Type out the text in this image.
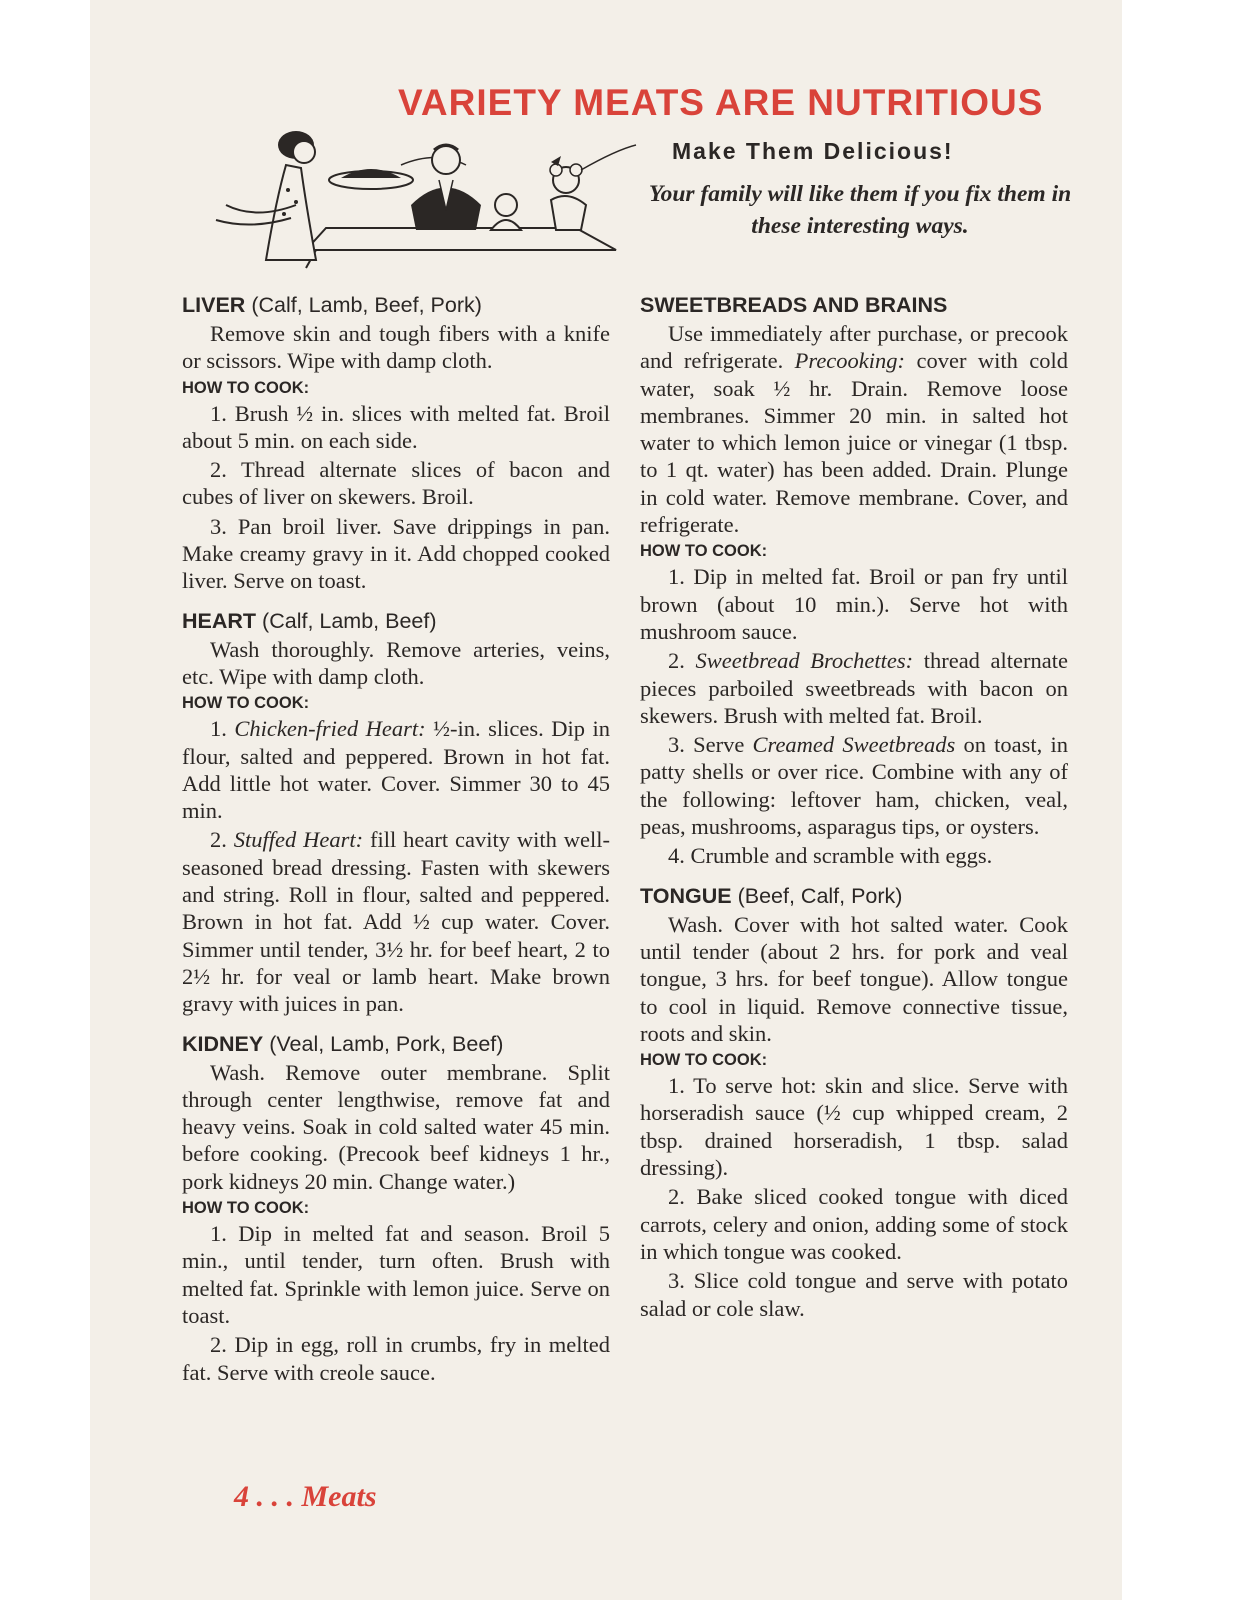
VARIETY MEATS ARE NUTRITIOUS
Make Them Delicious!
Your family will like them if you fix them in these interesting ways.
LIVER (Calf, Lamb, Beef, Pork)

Remove skin and tough fibers with a knife or scissors. Wipe with damp cloth.

HOW TO COOK:

1. Brush ½ in. slices with melted fat. Broil about 5 min. on each side.

2. Thread alternate slices of bacon and cubes of liver on skewers. Broil.

3. Pan broil liver. Save drippings in pan. Make creamy gravy in it. Add chopped cooked liver. Serve on toast.

HEART (Calf, Lamb, Beef)

Wash thoroughly. Remove arteries, veins, etc. Wipe with damp cloth.

HOW TO COOK:

1. Chicken-fried Heart: ½-in. slices. Dip in flour, salted and peppered. Brown in hot fat. Add little hot water. Cover. Simmer 30 to 45 min.

2. Stuffed Heart: fill heart cavity with well-seasoned bread dressing. Fasten with skewers and string. Roll in flour, salted and peppered. Brown in hot fat. Add ½ cup water. Cover. Simmer until tender, 3½ hr. for beef heart, 2 to 2½ hr. for veal or lamb heart. Make brown gravy with juices in pan.

KIDNEY (Veal, Lamb, Pork, Beef)

Wash. Remove outer membrane. Split through center lengthwise, remove fat and heavy veins. Soak in cold salted water 45 min. before cooking. (Precook beef kidneys 1 hr., pork kidneys 20 min. Change water.)

HOW TO COOK:

1. Dip in melted fat and season. Broil 5 min., until tender, turn often. Brush with melted fat. Sprinkle with lemon juice. Serve on toast.

2. Dip in egg, roll in crumbs, fry in melted fat. Serve with creole sauce.

SWEETBREADS AND BRAINS

Use immediately after purchase, or precook and refrigerate. Precooking: cover with cold water, soak ½ hr. Drain. Remove loose membranes. Simmer 20 min. in salted hot water to which lemon juice or vinegar (1 tbsp. to 1 qt. water) has been added. Drain. Plunge in cold water. Remove membrane. Cover, and refrigerate.

HOW TO COOK:

1. Dip in melted fat. Broil or pan fry until brown (about 10 min.). Serve hot with mushroom sauce.

2. Sweetbread Brochettes: thread alternate pieces parboiled sweetbreads with bacon on skewers. Brush with melted fat. Broil.

3. Serve Creamed Sweetbreads on toast, in patty shells or over rice. Combine with any of the following: leftover ham, chicken, veal, peas, mushrooms, asparagus tips, or oysters.

4. Crumble and scramble with eggs.

TONGUE (Beef, Calf, Pork)

Wash. Cover with hot salted water. Cook until tender (about 2 hrs. for pork and veal tongue, 3 hrs. for beef tongue). Allow tongue to cool in liquid. Remove connective tissue, roots and skin.

HOW TO COOK:

1. To serve hot: skin and slice. Serve with horseradish sauce (½ cup whipped cream, 2 tbsp. drained horseradish, 1 tbsp. salad dressing).

2. Bake sliced cooked tongue with diced carrots, celery and onion, adding some of stock in which tongue was cooked.

3. Slice cold tongue and serve with potato salad or cole slaw.

4 . . . Meats
